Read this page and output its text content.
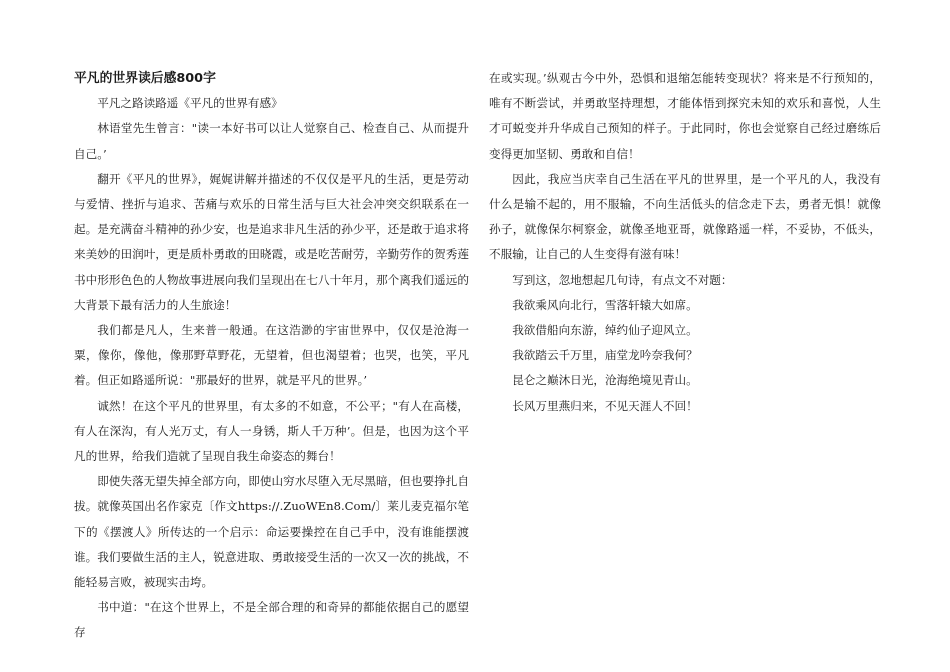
平凡的世界读后感800字

平凡之路读路遥《平凡的世界有感》

林语堂先生曾言："读一本好书可以让人觉察自己、检查自己、从而提升自己。’

翻开《平凡的世界》，娓娓讲解并描述的不仅仅是平凡的生活，更是劳动与爱情、挫折与追求、苦痛与欢乐的日常生活与巨大社会冲突交织联系在一起。是充满奋斗精神的孙少安，也是追求非凡生活的孙少平，还是敢于追求将来美妙的田润叶，更是质朴勇敢的田晓霞，或是吃苦耐劳，辛勤劳作的贺秀莲书中形形色色的人物故事进展向我们呈现出在七八十年月，那个离我们遥远的大背景下最有活力的人生旅途！

我们都是凡人，生来普一般通。在这浩渺的宇宙世界中，仅仅是沧海一粟，像你，像他，像那野草野花，无望着，但也渴望着；也哭，也笑，平凡着。但正如路遥所说："那最好的世界，就是平凡的世界。’

诚然！在这个平凡的世界里，有太多的不如意，不公平；"有人在高楼，有人在深沟，有人光万丈，有人一身锈，斯人千万种’。但是，也因为这个平凡的世界，给我们造就了呈现自我生命姿态的舞台！

即使失落无望失掉全部方向，即使山穷水尽堕入无尽黑暗，但也要挣扎自拔。就像英国出名作家克〔作文https://.ZuoWEn8.Com/〕莱儿麦克福尔笔下的《摆渡人》所传达的一个启示：命运要操控在自己手中，没有谁能摆渡谁。我们要做生活的主人，锐意进取、勇敢接受生活的一次又一次的挑战，不能轻易言败，被现实击垮。

书中道："在这个世界上，不是全部合理的和奇异的都能依据自己的愿望存

在或实现。’纵观古今中外，恐惧和退缩怎能转变现状？将来是不行预知的，唯有不断尝试，并勇敢坚持理想，才能体悟到探究未知的欢乐和喜悦，人生才可蜕变并升华成自己预知的样子。于此同时，你也会觉察自己经过磨练后变得更加坚韧、勇敢和自信！

因此，我应当庆幸自己生活在平凡的世界里，是一个平凡的人，我没有什么是输不起的，用不服输，不向生活低头的信念走下去，勇者无惧！就像孙子，就像保尔柯察金，就像圣地亚哥，就像路遥一样，不妥协，不低头，不服输，让自己的人生变得有滋有味！

写到这，忽地想起几句诗，有点文不对题：

我欲乘风向北行，雪落轩辕大如席。

我欲借船向东游，绰约仙子迎风立。

我欲踏云千万里，庙堂龙吟奈我何？

昆仑之巅沐日光，沧海绝境见青山。

长风万里燕归来，不见天涯人不回！
